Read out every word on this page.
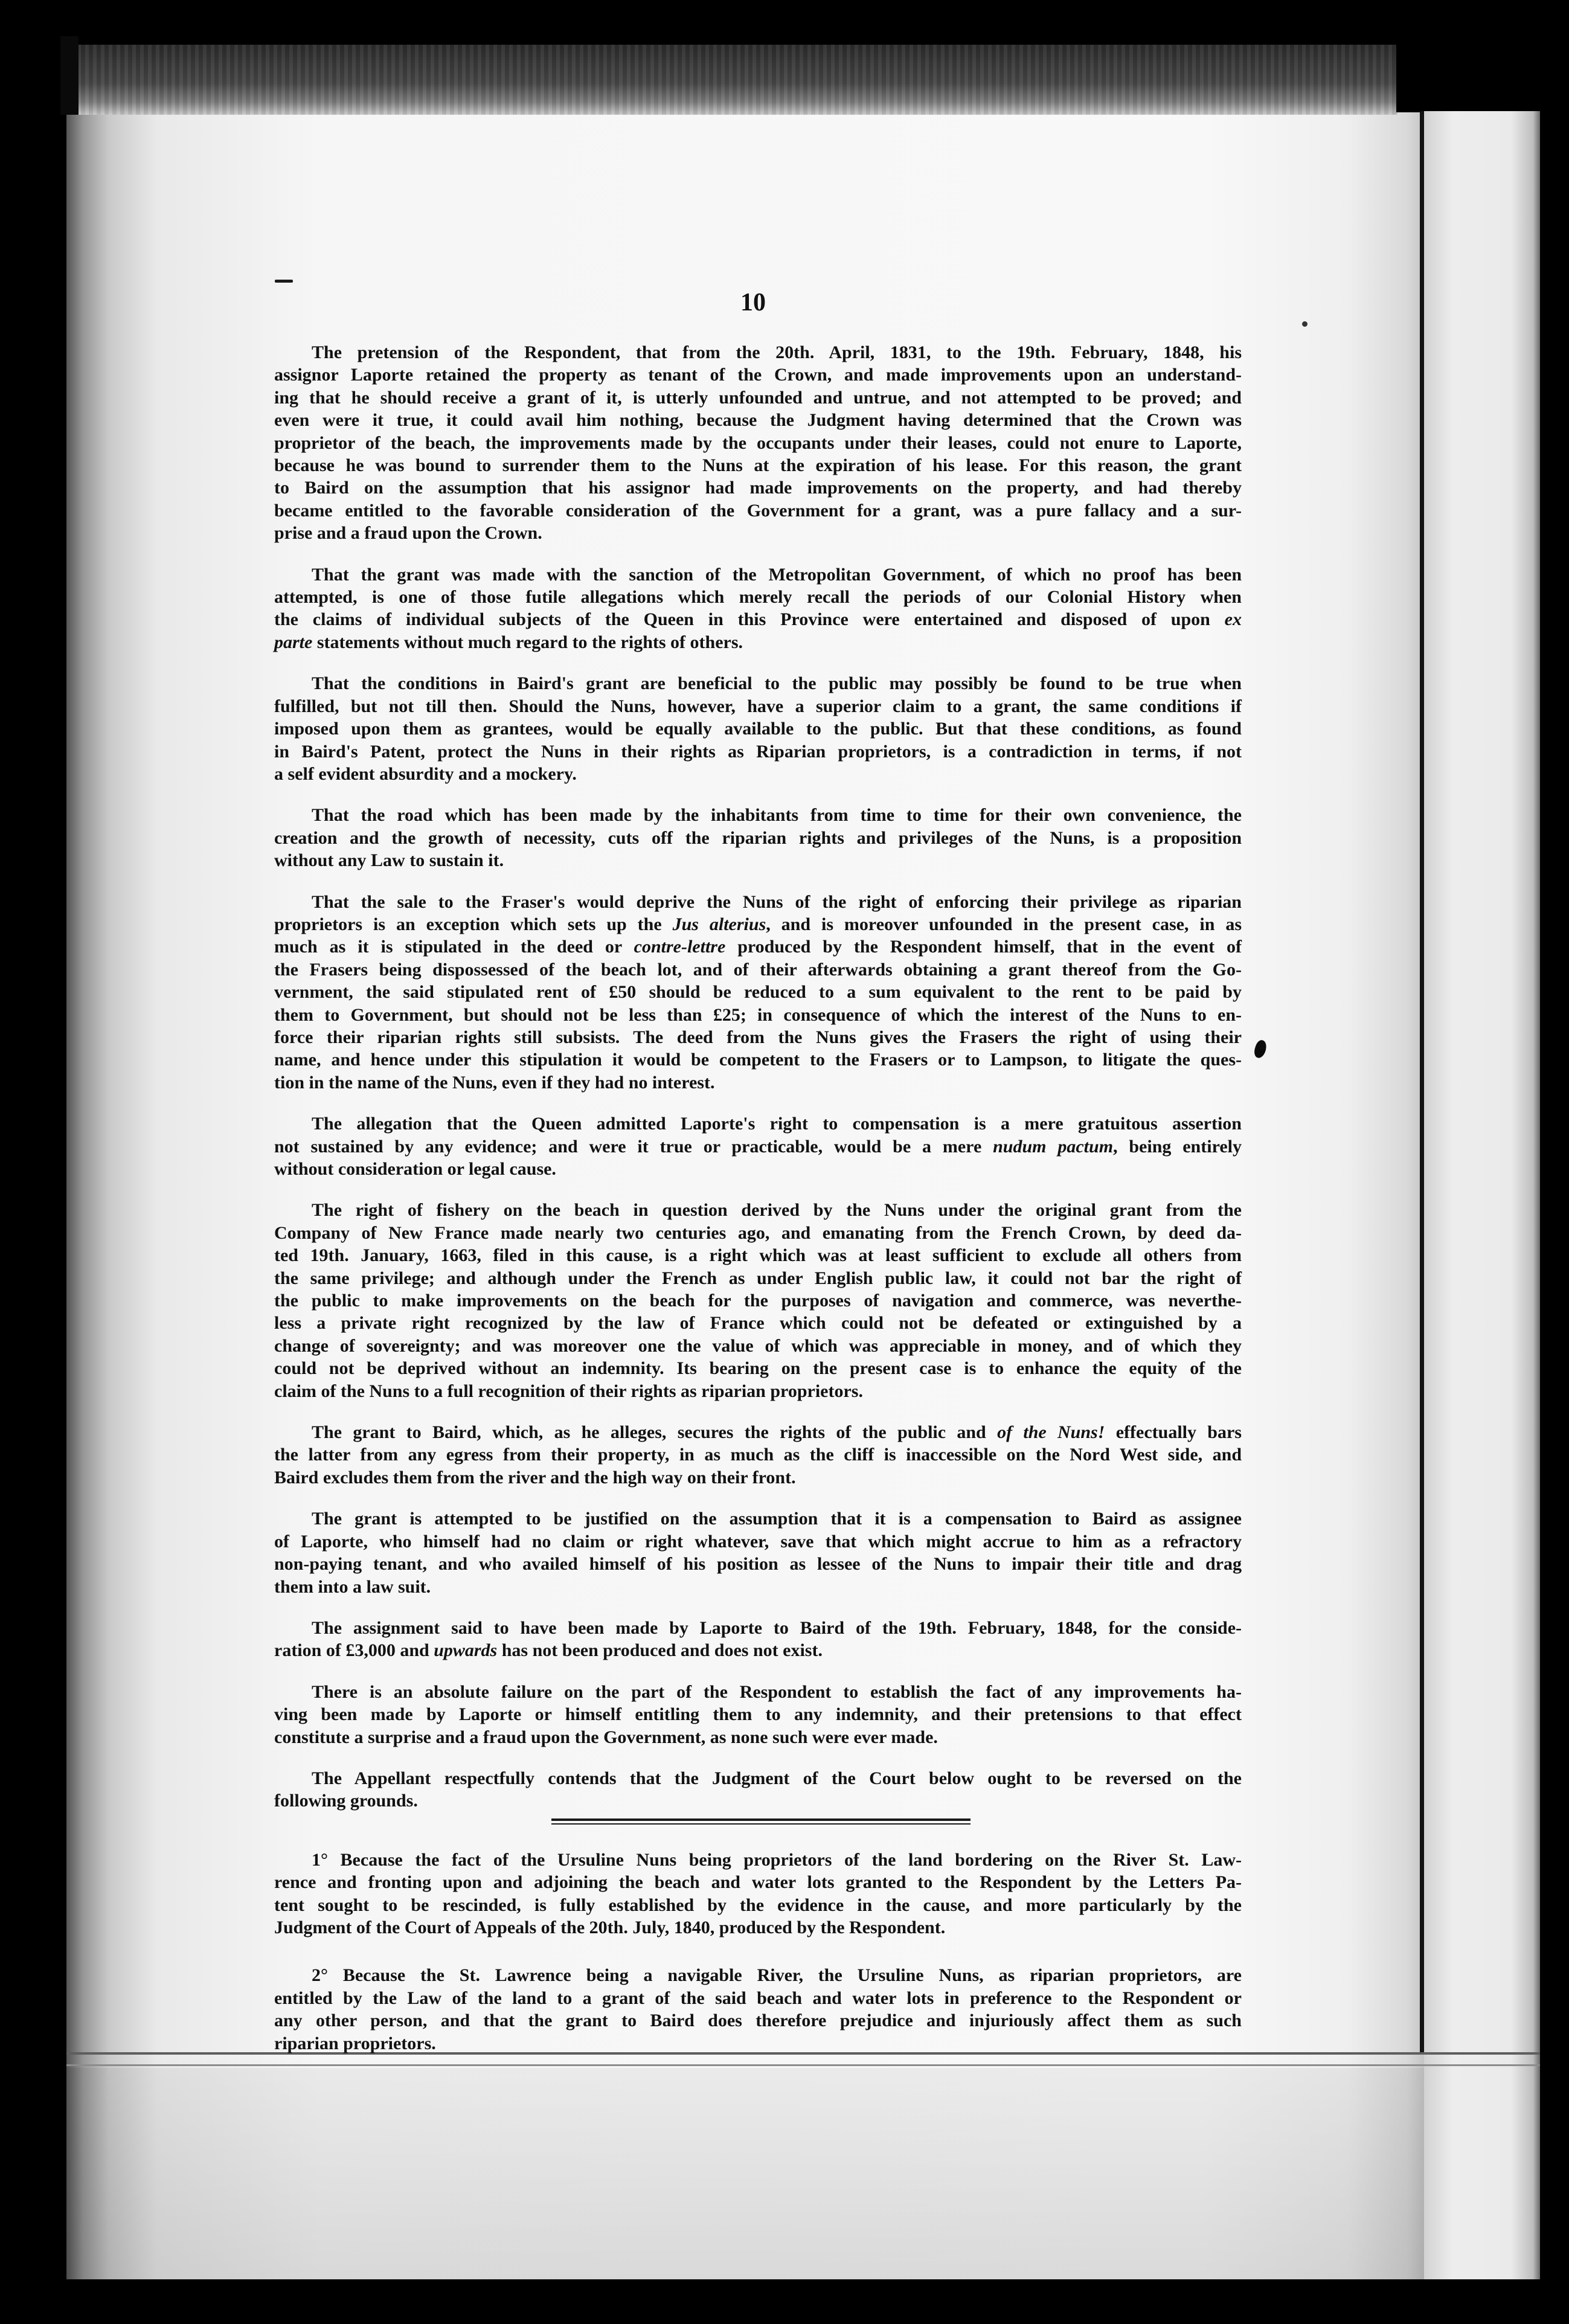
10
The pretension of the Respondent, that from the 20th. April, 1831, to the 19th. February, 1848, his
assignor Laporte retained the property as tenant of the Crown, and made improvements upon an understand-
ing that he should receive a grant of it, is utterly unfounded and untrue, and not attempted to be proved; and
even were it true, it could avail him nothing, because the Judgment having determined that the Crown was
proprietor of the beach, the improvements made by the occupants under their leases, could not enure to Laporte,
because he was bound to surrender them to the Nuns at the expiration of his lease. For this reason, the grant
to Baird on the assumption that his assignor had made improvements on the property, and had thereby
became entitled to the favorable consideration of the Government for a grant, was a pure fallacy and a sur-
prise and a fraud upon the Crown.
That the grant was made with the sanction of the Metropolitan Government, of which no proof has been
attempted, is one of those futile allegations which merely recall the periods of our Colonial History when
the claims of individual subjects of the Queen in this Province were entertained and disposed of upon ex
parte statements without much regard to the rights of others.
That the conditions in Baird's grant are beneficial to the public may possibly be found to be true when
fulfilled, but not till then. Should the Nuns, however, have a superior claim to a grant, the same conditions if
imposed upon them as grantees, would be equally available to the public. But that these conditions, as found
in Baird's Patent, protect the Nuns in their rights as Riparian proprietors, is a contradiction in terms, if not
a self evident absurdity and a mockery.
That the road which has been made by the inhabitants from time to time for their own convenience, the
creation and the growth of necessity, cuts off the riparian rights and privileges of the Nuns, is a proposition
without any Law to sustain it.
That the sale to the Fraser's would deprive the Nuns of the right of enforcing their privilege as riparian
proprietors is an exception which sets up the Jus alterius, and is moreover unfounded in the present case, in as
much as it is stipulated in the deed or contre-lettre produced by the Respondent himself, that in the event of
the Frasers being dispossessed of the beach lot, and of their afterwards obtaining a grant thereof from the Go-
vernment, the said stipulated rent of £50 should be reduced to a sum equivalent to the rent to be paid by
them to Government, but should not be less than £25; in consequence of which the interest of the Nuns to en-
force their riparian rights still subsists. The deed from the Nuns gives the Frasers the right of using their
name, and hence under this stipulation it would be competent to the Frasers or to Lampson, to litigate the ques-
tion in the name of the Nuns, even if they had no interest.
The allegation that the Queen admitted Laporte's right to compensation is a mere gratuitous assertion
not sustained by any evidence; and were it true or practicable, would be a mere nudum pactum, being entirely
without consideration or legal cause.
The right of fishery on the beach in question derived by the Nuns under the original grant from the
Company of New France made nearly two centuries ago, and emanating from the French Crown, by deed da-
ted 19th. January, 1663, filed in this cause, is a right which was at least sufficient to exclude all others from
the same privilege; and although under the French as under English public law, it could not bar the right of
the public to make improvements on the beach for the purposes of navigation and commerce, was neverthe-
less a private right recognized by the law of France which could not be defeated or extinguished by a
change of sovereignty; and was moreover one the value of which was appreciable in money, and of which they
could not be deprived without an indemnity. Its bearing on the present case is to enhance the equity of the
claim of the Nuns to a full recognition of their rights as riparian proprietors.
The grant to Baird, which, as he alleges, secures the rights of the public and of the Nuns! effectually bars
the latter from any egress from their property, in as much as the cliff is inaccessible on the Nord West side, and
Baird excludes them from the river and the high way on their front.
The grant is attempted to be justified on the assumption that it is a compensation to Baird as assignee
of Laporte, who himself had no claim or right whatever, save that which might accrue to him as a refractory
non-paying tenant, and who availed himself of his position as lessee of the Nuns to impair their title and drag
them into a law suit.
The assignment said to have been made by Laporte to Baird of the 19th. February, 1848, for the conside-
ration of £3,000 and upwards has not been produced and does not exist.
There is an absolute failure on the part of the Respondent to establish the fact of any improvements ha-
ving been made by Laporte or himself entitling them to any indemnity, and their pretensions to that effect
constitute a surprise and a fraud upon the Government, as none such were ever made.
The Appellant respectfully contends that the Judgment of the Court below ought to be reversed on the
following grounds.
1° Because the fact of the Ursuline Nuns being proprietors of the land bordering on the River St. Law-
rence and fronting upon and adjoining the beach and water lots granted to the Respondent by the Letters Pa-
tent sought to be rescinded, is fully established by the evidence in the cause, and more particularly by the
Judgment of the Court of Appeals of the 20th. July, 1840, produced by the Respondent.
2° Because the St. Lawrence being a navigable River, the Ursuline Nuns, as riparian proprietors, are
entitled by the Law of the land to a grant of the said beach and water lots in preference to the Respondent or
any other person, and that the grant to Baird does therefore prejudice and injuriously affect them as such
riparian proprietors.
